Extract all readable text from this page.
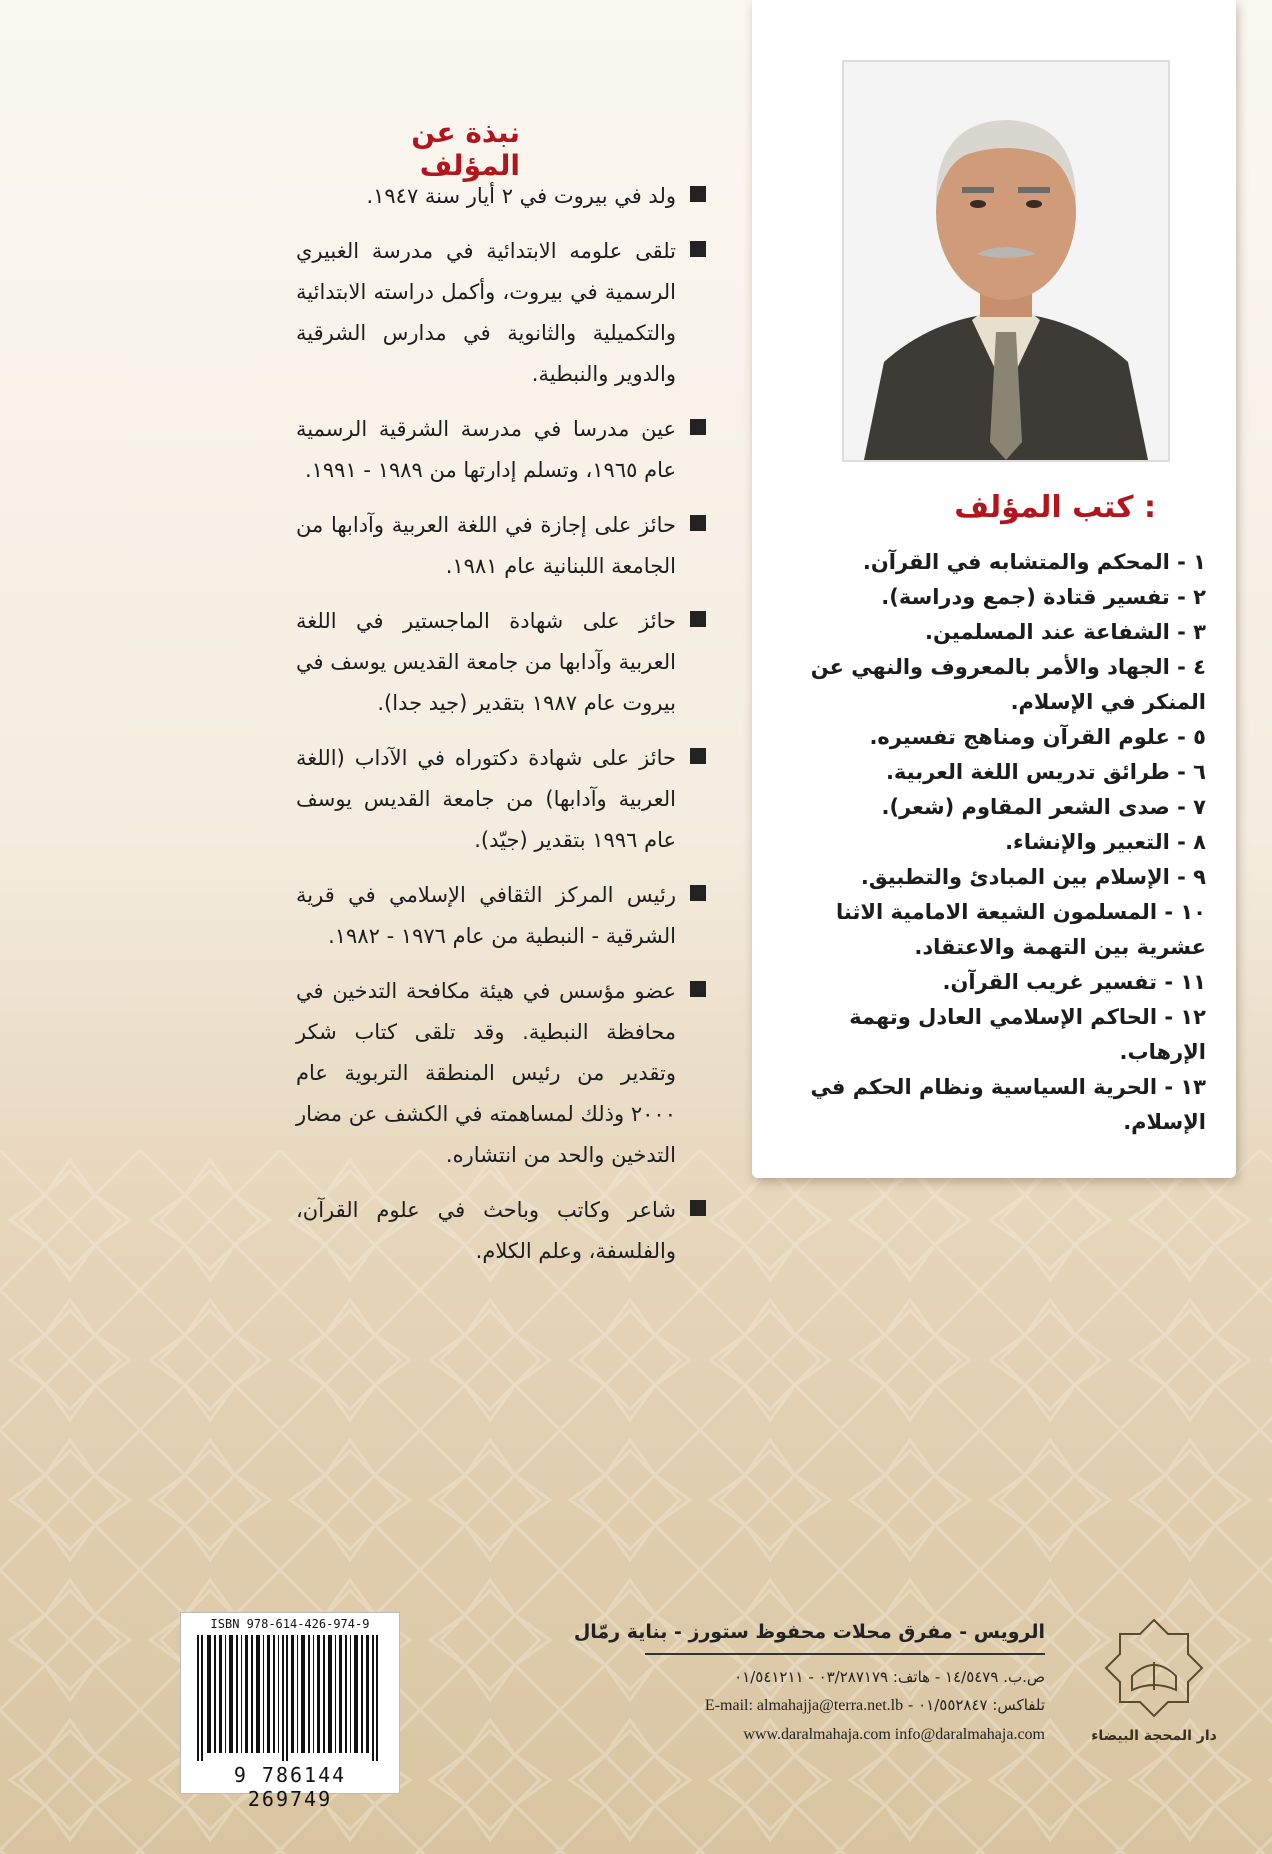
كتب المؤلف :
١ - المحكم والمتشابه في القرآن.
٢ - تفسير قتادة (جمع ودراسة).
٣ - الشفاعة عند المسلمين.
٤ - الجهاد والأمر بالمعروف والنهي عن المنكر في الإسلام.
٥ - علوم القرآن ومناهج تفسيره.
٦ - طرائق تدريس اللغة العربية.
٧ - صدى الشعر المقاوم (شعر).
٨ - التعبير والإنشاء.
٩ - الإسلام بين المبادئ والتطبيق.
١٠ - المسلمون الشيعة الامامية الاثنا عشرية بين التهمة والاعتقاد.
١١ - تفسير غريب القرآن.
١٢ - الحاكم الإسلامي العادل وتهمة الإرهاب.
١٣ - الحرية السياسية ونظام الحكم في الإسلام.
نبذة عن المؤلف
ولد في بيروت في ٢ أيار سنة ١٩٤٧.
تلقى علومه الابتدائية في مدرسة الغبيري الرسمية في بيروت، وأكمل دراسته الابتدائية والتكميلية والثانوية في مدارس الشرقية والدوير والنبطية.
عين مدرسا في مدرسة الشرقية الرسمية عام ١٩٦٥، وتسلم إدارتها من ١٩٨٩ - ١٩٩١.
حائز على إجازة في اللغة العربية وآدابها من الجامعة اللبنانية عام ١٩٨١.
حائز على شهادة الماجستير في اللغة العربية وآدابها من جامعة القديس يوسف في بيروت عام ١٩٨٧ بتقدير (جيد جدا).
حائز على شهادة دكتوراه في الآداب (اللغة العربية وآدابها) من جامعة القديس يوسف عام ١٩٩٦ بتقدير (جيّد).
رئيس المركز الثقافي الإسلامي في قرية الشرقية - النبطية من عام ١٩٧٦ - ١٩٨٢.
عضو مؤسس في هيئة مكافحة التدخين في محافظة النبطية. وقد تلقى كتاب شكر وتقدير من رئيس المنطقة التربوية عام ٢٠٠٠ وذلك لمساهمته في الكشف عن مضار التدخين والحد من انتشاره.
شاعر وكاتب وباحث في علوم القرآن، والفلسفة، وعلم الكلام.
ISBN 978-614-426-974-9
9 786144 269749
الرويس - مفرق محلات محفوظ ستورز - بناية رمّال
ص.ب. ١٤/٥٤٧٩ - هاتف: ٠٣/٢٨٧١٧٩ - ٠١/٥٤١٢١١
تلفاكس: ٠١/٥٥٢٨٤٧ - E-mail: almahajja@terra.net.lb
www.daralmahaja.com info@daralmahaja.com	دار المحجة البيضاء
